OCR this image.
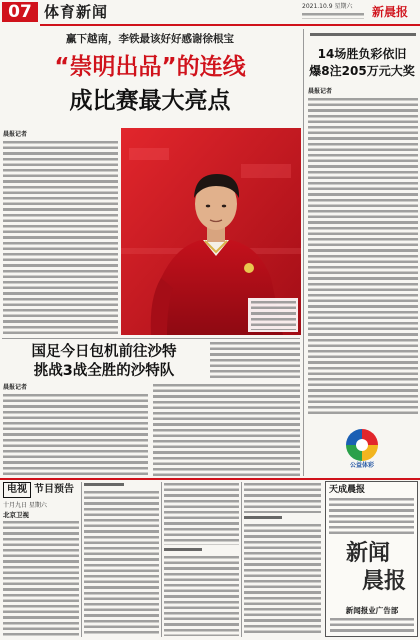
07 体育新闻	2021.10.9 星期六 新晨报
赢下越南，李铁最该好好感谢徐根宝
“崇明出品”的连线
成比赛最大亮点
晨报记者
国足今日包机前往沙特
挑战3战全胜的沙特队
晨报记者
14场胜负彩依旧
爆8注205万元大奖
晨报记者
公益体彩
电视 节目预告
十月九日 星期六
北京卫视
天成晨报
新闻
晨报
新闻报业广告部
